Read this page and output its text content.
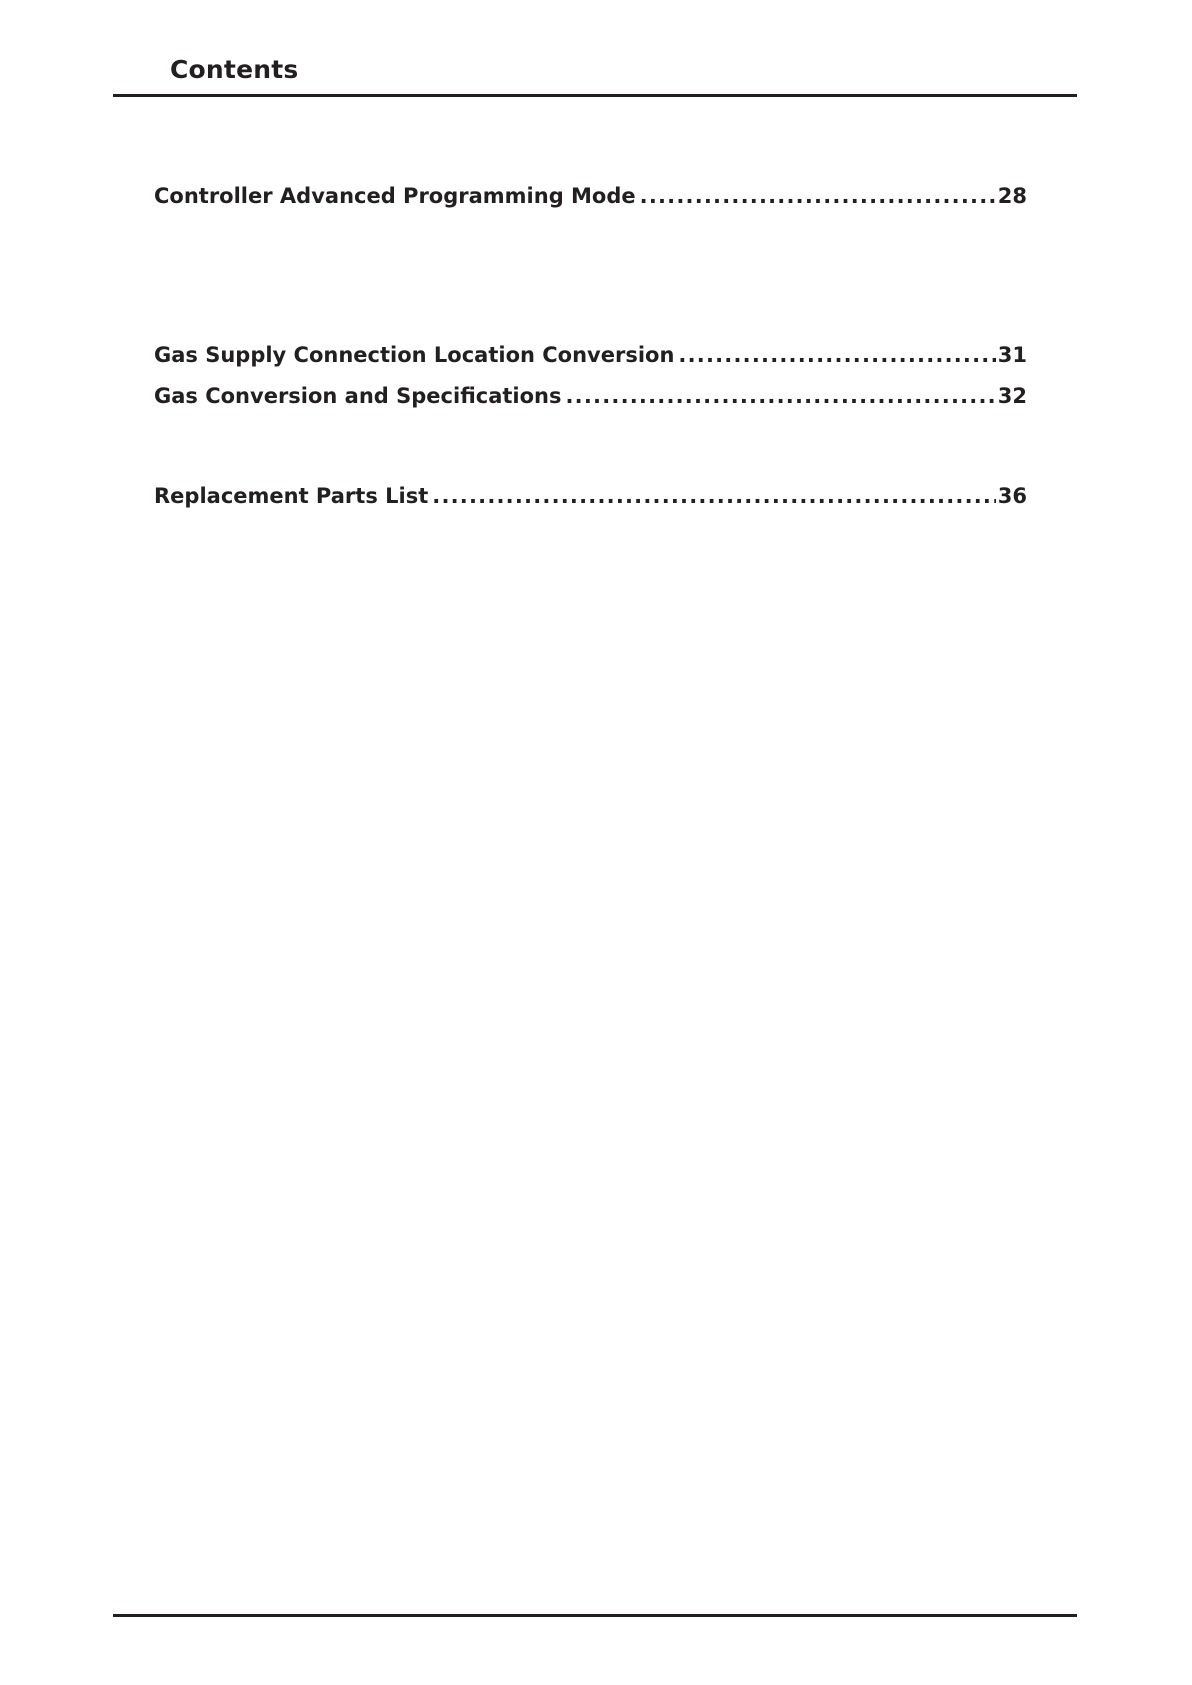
Contents
Controller Advanced Programming Mode .....	28
Gas Supply Connection Location Conversion .....	31
Gas Conversion and Specifications .....	32
Replacement Parts List .....	36
